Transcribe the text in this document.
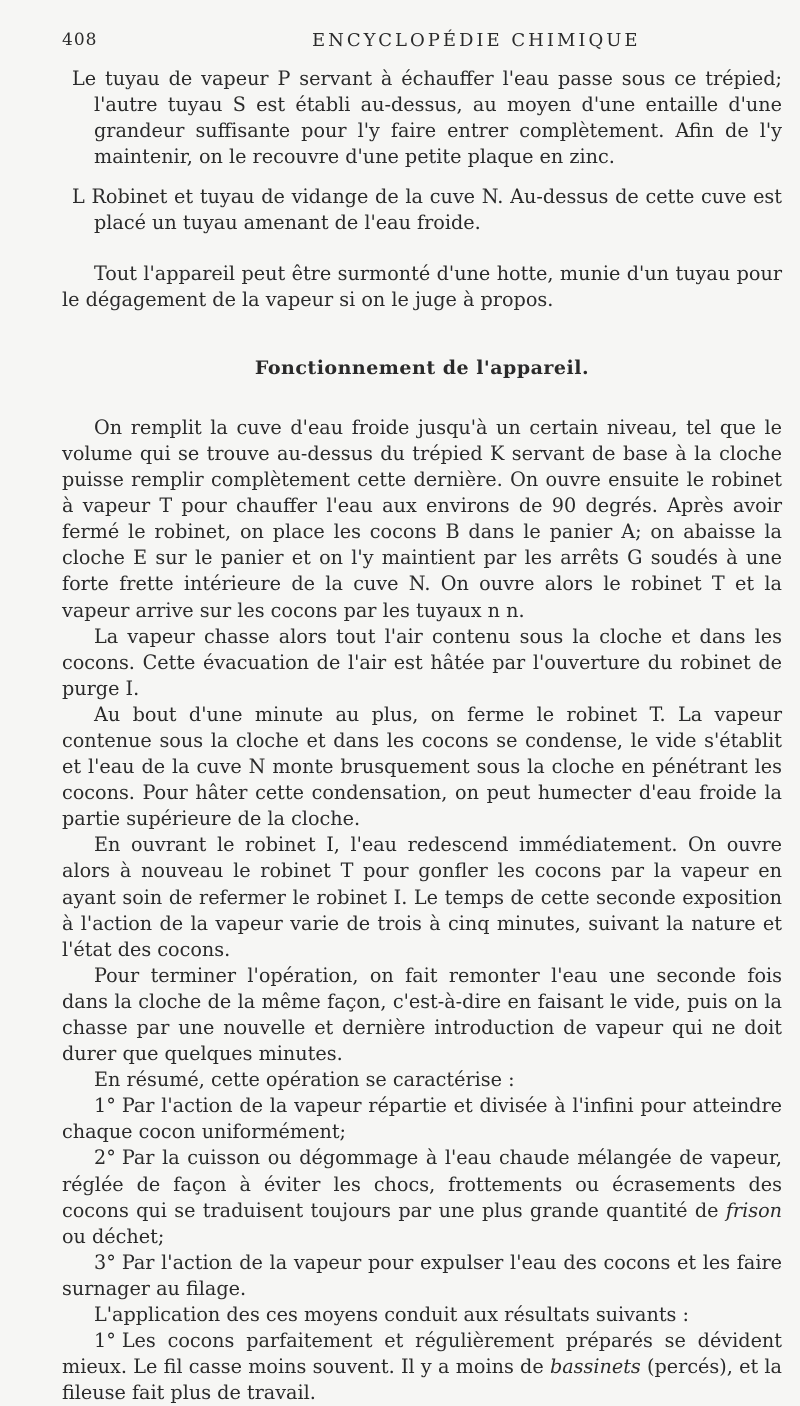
408	ENCYCLOPÉDIE CHIMIQUE

Le tuyau de vapeur P servant à échauffer l'eau passe sous ce trépied; l'autre tuyau S est établi au-dessus, au moyen d'une entaille d'une grandeur suffisante pour l'y faire entrer complètement. Afin de l'y maintenir, on le recouvre d'une petite plaque en zinc.

L Robinet et tuyau de vidange de la cuve N. Au-dessus de cette cuve est placé un tuyau amenant de l'eau froide.

Tout l'appareil peut être surmonté d'une hotte, munie d'un tuyau pour le dégagement de la vapeur si on le juge à propos.

Fonctionnement de l'appareil.

On remplit la cuve d'eau froide jusqu'à un certain niveau, tel que le volume qui se trouve au-dessus du trépied K servant de base à la cloche puisse remplir complètement cette dernière. On ouvre ensuite le robinet à vapeur T pour chauffer l'eau aux environs de 90 degrés. Après avoir fermé le robinet, on place les cocons B dans le panier A; on abaisse la cloche E sur le panier et on l'y maintient par les arrêts G soudés à une forte frette intérieure de la cuve N. On ouvre alors le robinet T et la vapeur arrive sur les cocons par les tuyaux n n.

La vapeur chasse alors tout l'air contenu sous la cloche et dans les cocons. Cette évacuation de l'air est hâtée par l'ouverture du robinet de purge I.

Au bout d'une minute au plus, on ferme le robinet T. La vapeur contenue sous la cloche et dans les cocons se condense, le vide s'établit et l'eau de la cuve N monte brusquement sous la cloche en pénétrant les cocons. Pour hâter cette condensation, on peut humecter d'eau froide la partie supérieure de la cloche.

En ouvrant le robinet I, l'eau redescend immédiatement. On ouvre alors à nouveau le robinet T pour gonfler les cocons par la vapeur en ayant soin de refermer le robinet I. Le temps de cette seconde exposition à l'action de la vapeur varie de trois à cinq minutes, suivant la nature et l'état des cocons.

Pour terminer l'opération, on fait remonter l'eau une seconde fois dans la cloche de la même façon, c'est-à-dire en faisant le vide, puis on la chasse par une nouvelle et dernière introduction de vapeur qui ne doit durer que quelques minutes.

En résumé, cette opération se caractérise :

1° Par l'action de la vapeur répartie et divisée à l'infini pour atteindre chaque cocon uniformément;

2° Par la cuisson ou dégommage à l'eau chaude mélangée de vapeur, réglée de façon à éviter les chocs, frottements ou écrasements des cocons qui se traduisent toujours par une plus grande quantité de frison ou déchet;

3° Par l'action de la vapeur pour expulser l'eau des cocons et les faire surnager au filage.

L'application des ces moyens conduit aux résultats suivants :

1° Les cocons parfaitement et régulièrement préparés se dévident mieux. Le fil casse moins souvent. Il y a moins de bassinets (percés), et la fileuse fait plus de travail.
